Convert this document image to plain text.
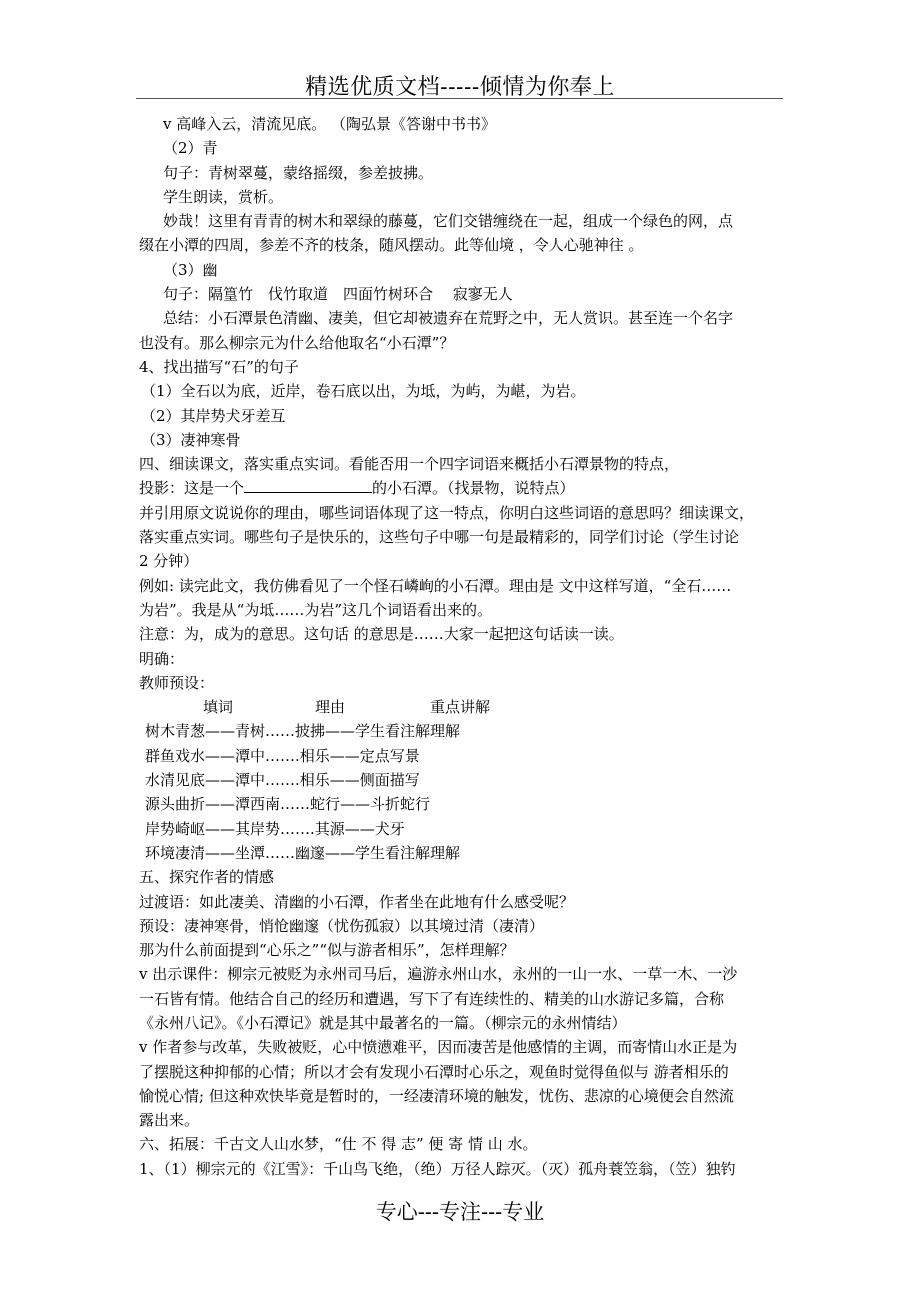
精选优质文档-----倾情为你奉上
v 高峰入云，清流见底。 （陶弘景《答谢中书书》
（2）青
句子：青树翠蔓，蒙络摇缀，参差披拂。
学生朗读，赏析。
妙哉！这里有青青的树木和翠绿的藤蔓，它们交错缠绕在一起，组成一个绿色的网，点
缀在小潭的四周，参差不齐的枝条，随风摆动。此等仙境 ，令人心驰神往 。
（3）幽
句子：隔篁竹　伐竹取道　四面竹树环合　 寂寥无人
总结：小石潭景色清幽、凄美，但它却被遗弃在荒野之中，无人赏识。甚至连一个名字
也没有。那么柳宗元为什么给他取名“小石潭”？
4、找出描写“石”的句子
（1）全石以为底，近岸，卷石底以出，为坻，为屿，为嵁，为岩。
（2）其岸势犬牙差互
（3）凄神寒骨
四、细读课文，落实重点实词。看能否用一个四字词语来概括小石潭景物的特点，
投影：这是一个	的小石潭。（找景物，说特点）
并引用原文说说你的理由，哪些词语体现了这一特点，你明白这些词语的意思吗？细读课文，
落实重点实词。哪些句子是快乐的，这些句子中哪一句是最精彩的，同学们讨论（学生讨论
2 分钟）
例如: 读完此文，我仿佛看见了一个怪石嶙峋的小石潭。理由是 文中这样写道，“全石……
为岩”。我是从“为坻……为岩”这几个词语看出来的。
注意：为，成为的意思。这句话 的意思是……大家一起把这句话读一读。
明确：
教师预设：
填词	理由	重点讲解
树木青葱——青树……披拂——学生看注解理解
群鱼戏水——潭中…….相乐——定点写景
水清见底——潭中…….相乐——侧面描写
源头曲折——潭西南……蛇行——斗折蛇行
岸势崎岖——其岸势…….其源——犬牙
环境凄清——坐潭……幽邃——学生看注解理解
五、探究作者的情感
过渡语：如此凄美、清幽的小石潭，作者坐在此地有什么感受呢？
预设：凄神寒骨，悄怆幽邃（忧伤孤寂）以其境过清（凄清）
那为什么前面提到“心乐之”“似与游者相乐”，怎样理解？
v 出示课件：柳宗元被贬为永州司马后，遍游永州山水，永州的一山一水、一草一木、一沙
一石皆有情。他结合自己的经历和遭遇，写下了有连续性的、精美的山水游记多篇，合称
《永州八记》。《小石潭记》就是其中最著名的一篇。（柳宗元的永州情结）
v 作者参与改革，失败被贬，心中愤懑难平，因而凄苦是他感情的主调，而寄情山水正是为
了摆脱这种抑郁的心情；所以才会有发现小石潭时心乐之，观鱼时觉得鱼似与 游者相乐的
愉悦心情; 但这种欢快毕竟是暂时的，一经凄清环境的触发，忧伤、悲凉的心境便会自然流
露出来。
六、拓展：千古文人山水梦，“仕 不 得 志” 便 寄 情 山 水。
1、（1）柳宗元的《江雪》：千山鸟飞绝，（绝）万径人踪灭。（灭）孤舟蓑笠翁，（笠）独钓
专心---专注---专业
